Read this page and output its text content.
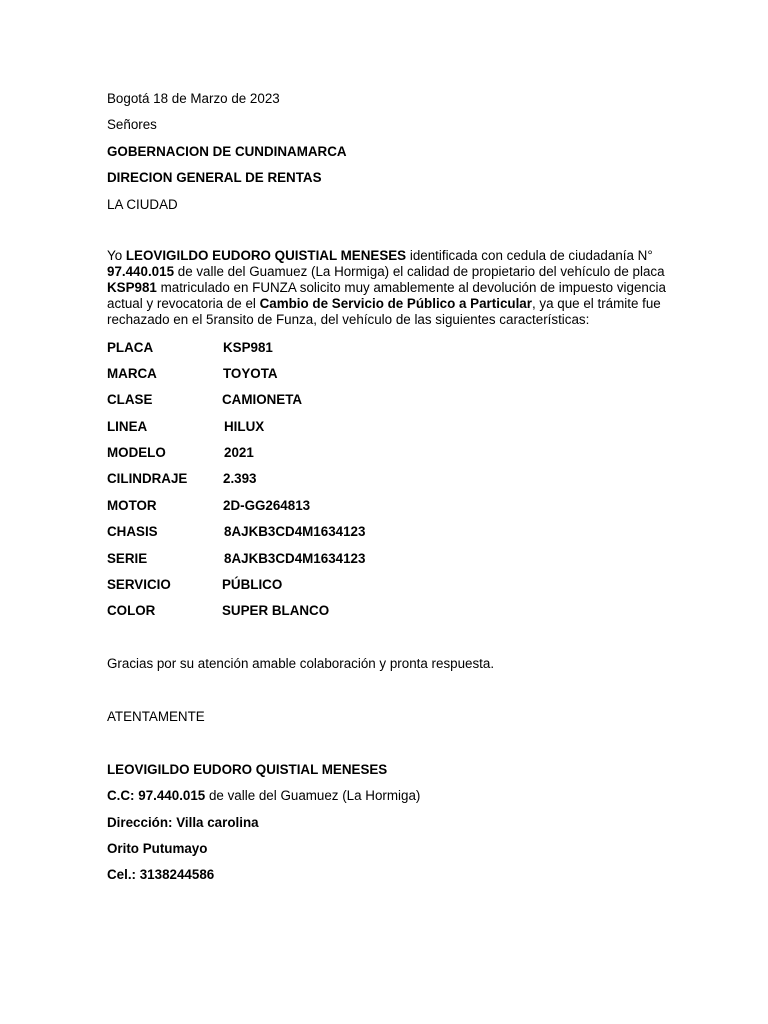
Bogotá 18 de Marzo de 2023
Señores
GOBERNACION DE CUNDINAMARCA
DIRECION GENERAL DE RENTAS
LA CIUDAD
Yo LEOVIGILDO EUDORO QUISTIAL MENESES identificada con cedula de ciudadanía N°
97.440.015 de valle del Guamuez (La Hormiga) el calidad de propietario del vehículo de placa
KSP981 matriculado en FUNZA solicito muy amablemente al devolución de impuesto vigencia
actual y revocatoria de el Cambio de Servicio de Público a Particular, ya que el trámite fue
rechazado en el 5ransito de Funza, del vehículo de las siguientes características:
PLACA	KSP981
MARCA	TOYOTA
CLASE	CAMIONETA
LINEA	HILUX
MODELO	2021
CILINDRAJE	2.393
MOTOR	2D-GG264813
CHASIS	8AJKB3CD4M1634123
SERIE	8AJKB3CD4M1634123
SERVICIO	PÚBLICO
COLOR	SUPER BLANCO
Gracias por su atención amable colaboración y pronta respuesta.
ATENTAMENTE
LEOVIGILDO EUDORO QUISTIAL MENESES
C.C: 97.440.015 de valle del Guamuez (La Hormiga)
Dirección: Villa carolina
Orito Putumayo
Cel.: 3138244586
